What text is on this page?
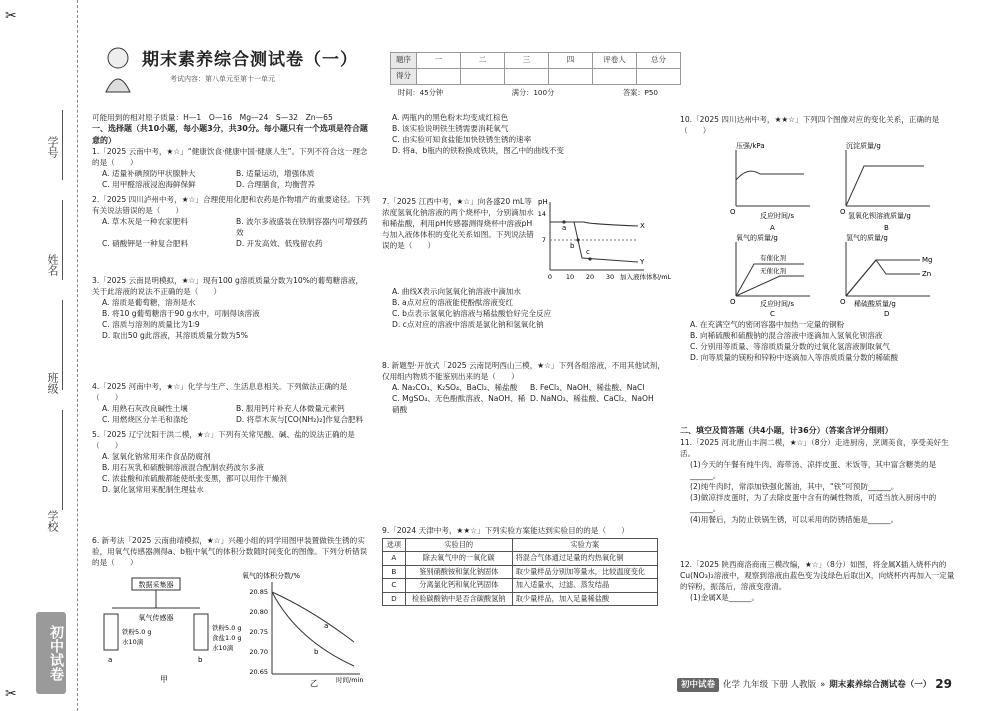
✂
✂
学号
姓名
班级
学校
初中试卷
期末素养综合测试卷（一）
考试内容：第八单元至第十一单元
题序	一	二	三	四	评卷人	总分
得分						
时间：45分钟	满分：100分	答案：P50
可能用到的相对原子质量：H—1　O—16　Mg—24　S—32　Zn—65
一、选择题（共10小题，每小题3分，共30分。每小题只有一个选项是符合题意的）
1.「2025 云南中考，★☆」“健康饮食·健康中国·健康人生”。下列不符合这一理念的是（　　）
A. 适量补碘预防甲状腺肿大	B. 适量运动，增强体质
C. 用甲醛溶液浸泡海鲜保鲜	D. 合理膳食，均衡营养
2.「2025 四川泸州中考，★☆」合理使用化肥和农药是作物增产的重要途径。下列有关说法错误的是（　　）
A. 草木灰是一种农家肥料	B. 波尔多液盛装在铁制容器内可增强药效
C. 硝酸钾是一种复合肥料	D. 开发高效、低残留农药
3.「2025 云南昆明模拟，★☆」现有100 g溶质质量分数为10%的葡萄糖溶液，关于此溶液的说法不正确的是（　　）
A. 溶质是葡萄糖，溶剂是水
B. 将10 g葡萄糖溶于90 g水中，可制得该溶液
C. 溶质与溶剂的质量比为1∶9
D. 取出50 g此溶液，其溶质质量分数为5%
4.「2025 河南中考，★☆」化学与生产、生活息息相关。下列做法正确的是（　　）
A. 用熟石灰改良碱性土壤	B. 服用钙片补充人体微量元素钙
C. 用燃烧区分羊毛和涤纶	D. 将草木灰与[CO(NH₂)₂]作复合肥料
5.「2025 辽宁沈阳于洪二模，★☆」下列有关常见酸、碱、盐的说法正确的是（　　）
A. 氢氧化钠常用来作食品防腐剂
B. 用石灰乳和硫酸铜溶液混合配制农药波尔多液
C. 浓盐酸和浓硫酸都能使纸张变黑，都可以用作干燥剂
D. 氯化氢常用来配制生理盐水
6. 新考法「2025 云南曲靖模拟，★☆」兴趣小组的同学用图甲装置做铁生锈的实验，用氧气传感器测得a、b瓶中氧气的体积分数随时间变化的图像。下列分析错误的是（　　）
数据采集器
氧气传感器
铁粉5.0 g
水10滴
铁粉5.0 g
食盐1.0 g
水10滴
a	b
甲
氧气的体积分数/%
20.85
20.80
20.75
20.70
20.65
a
b
乙	时间/min
A. 两瓶内的黑色粉末均变成红棕色
B. 该实验说明铁生锈需要消耗氧气
C. 由实验可知食盐能加快铁锈生锈的速率
D. 将a、b瓶内的铁粉换成铁块，图乙中的曲线不变
7.「2025 江西中考，★☆」向各盛20 mL等浓度氢氧化钠溶液的两个烧杯中，分别滴加水和稀盐酸，利用pH传感器测得烧杯中溶液pH与加入液体体积的变化关系如图。下列说法错误的是（　　）
pH
14
7
a
b
c
X
Y
0 10 20 30 加入液体体积/mL
A. 曲线X表示向氢氧化钠溶液中滴加水
B. a点对应的溶液能使酚酞溶液变红
C. b点表示氢氧化钠溶液与稀盐酸恰好完全反应
D. c点对应的溶液中溶质是氯化钠和氢氧化钠
8. 新题型·开放式「2025 云南昆明西山三模，★☆」下列各组溶液，不用其他试剂，仅用组内物质不能鉴别出来的是（　　）
A. Na₂CO₃、K₂SO₄、BaCl₂、稀盐酸	B. FeCl₃、NaOH、稀盐酸、NaCl
C. MgSO₄、无色酚酞溶液、NaOH、稀硝酸
D. NaNO₃、稀盐酸、CaCl₂、NaOH
9.「2024 天津中考，★★☆」下列实验方案能达到实验目的的是（　　）
选项	实验目的	实验方案
A	除去氧气中的一氧化碳	将混合气体通过足量的灼热氧化铜
B	鉴别硝酸铵和氯化钠固体	取少量样品分别加等量水，比较温度变化
C	分离氯化钙和氧化钙固体	加入适量水，过滤、蒸发结晶
D	检验碳酸钠中是否含碳酸氢钠	取少量样品，加入足量稀盐酸
10.「2025 四川达州中考，★★☆」下列四个图像对应的变化关系，正确的是（　　）
压强/kPa
O	反应时间/s
A
沉淀质量/g
O 氢氧化钡溶液质量/g
B
氧气的质量/g
有催化剂
无催化剂
O	反应时间/s
C
氢气的质量/g
Mg
Zn
O 稀硫酸质量/g
D
A. 在充满空气的密闭容器中加热一定量的铜粉
B. 向稀硫酸和硫酸钠的混合溶液中逐滴加入氢氧化钡溶液
C. 分别用等质量、等溶质质量分数的过氧化氢溶液制取氧气
D. 向等质量的镁粉和锌粉中逐滴加入等溶质质量分数的稀硫酸
二、填空及简答题（共4小题，计36分）（答案含评分细则）
11.「2025 河北唐山丰润二模，★☆」（8分）走进厨房，烹调美食，享受美好生活。
(1)今天的午餐有纯牛肉、海带汤、凉拌皮蛋、米饭等，其中富含糖类的是______。
(2)纯牛肉时，常添加铁强化酱油，其中，“铁”可预防______。
(3)做凉拌皮蛋时，为了去除皮蛋中含有的碱性物质，可适当放入厨房中的______。
(4)用餐后，为防止铁锅生锈，可以采用的防锈措施是______。
12.「2025 陕西商洛商南三模改编，★☆」（8分）如图，将金属X插入烧杯内的Cu(NO₃)₂溶液中，观察到溶液由蓝色变为浅绿色后取出X，向烧杯内再加入一定量的锌粉，振荡后，溶液变澄清。
(1)金属X是______。
初中试卷 化学 九年级 下册 人教版 » 期末素养综合测试卷（一） 29
